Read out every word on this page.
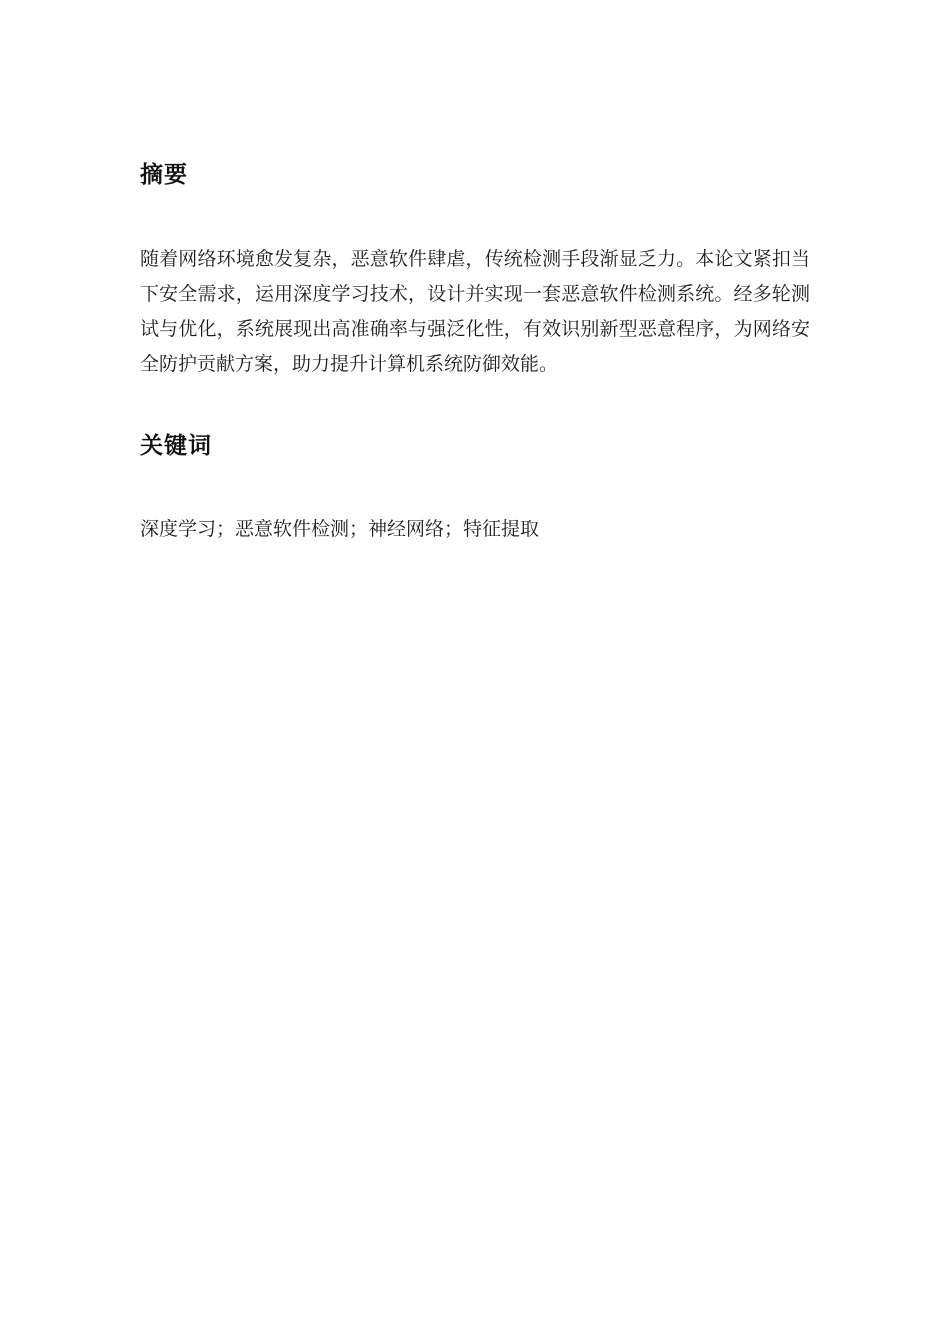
摘要

随着网络环境愈发复杂，恶意软件肆虐，传统检测手段渐显乏力。本论文紧扣当下安全需求，运用深度学习技术，设计并实现一套恶意软件检测系统。经多轮测试与优化，系统展现出高准确率与强泛化性，有效识别新型恶意程序，为网络安全防护贡献方案，助力提升计算机系统防御效能。

关键词

深度学习；恶意软件检测；神经网络；特征提取
